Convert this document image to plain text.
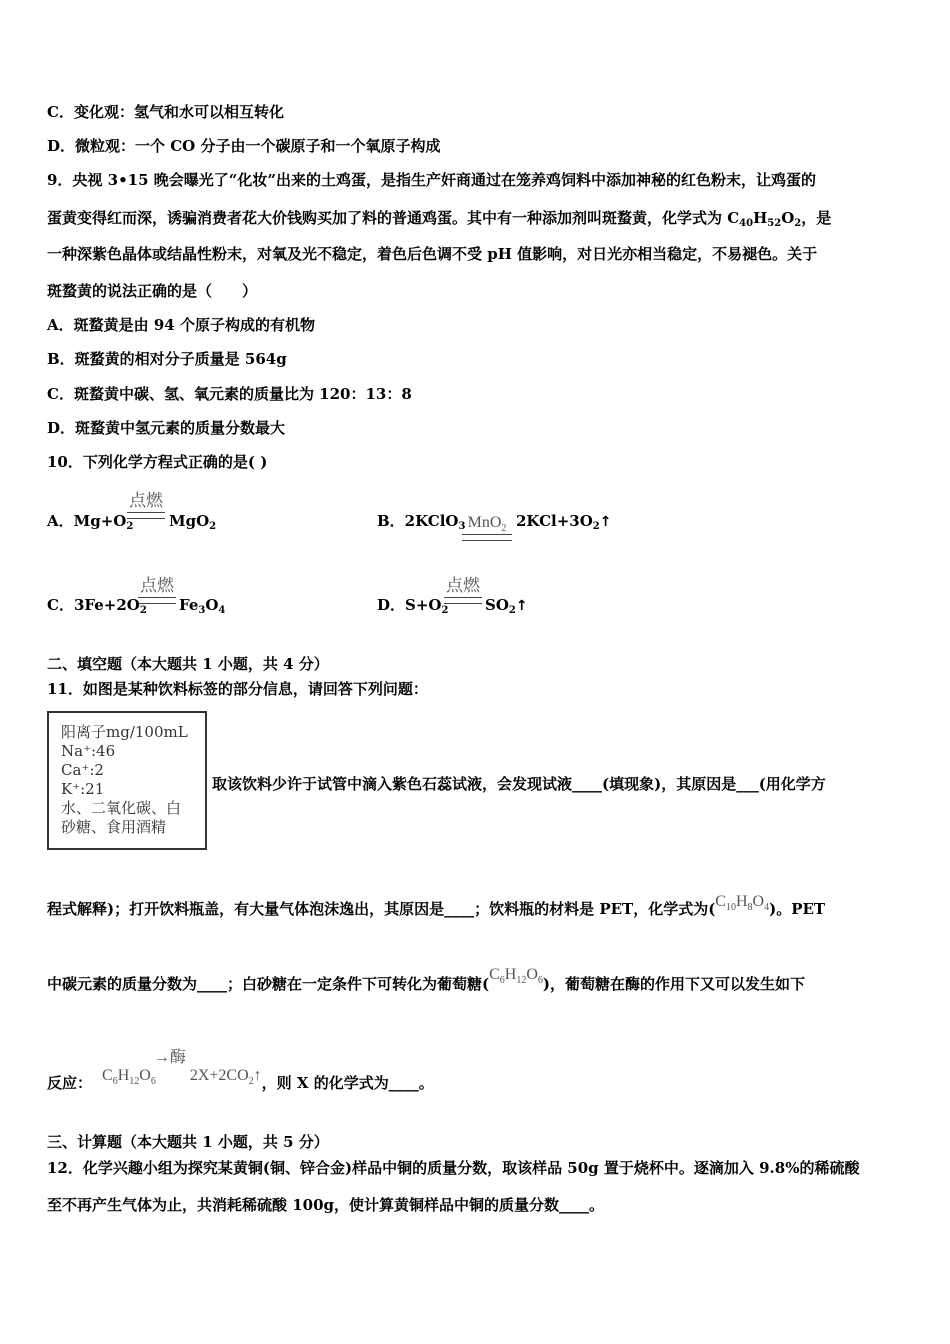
C．变化观：氢气和水可以相互转化
D．微粒观：一个 CO 分子由一个碳原子和一个氧原子构成
9．央视 3•15 晚会曝光了“化妆”出来的土鸡蛋，是指生产奸商通过在笼养鸡饲料中添加神秘的红色粉末，让鸡蛋的
蛋黄变得红而深，诱骗消费者花大价钱购买加了料的普通鸡蛋。其中有一种添加剂叫斑蝥黄，化学式为 $C_{40}H_{52}O_2$，是
一种深紫色晶体或结晶性粉末，对氧及光不稳定，着色后色调不受 pH 值影响，对日光亦相当稳定，不易褪色。关于
斑蝥黄的说法正确的是（　　）
A．斑蝥黄是由 94 个原子构成的有机物
B．斑蝥黄的相对分子质量是 564g
C．斑蝥黄中碳、氢、氧元素的质量比为 120：13：8
D．斑蝥黄中氢元素的质量分数最大
10．下列化学方程式正确的是( )
A．$Mg+O_2$
点燃
MgO$_2$	B．2KClO$_3$ MnO$_2$ $2KCl+3O_2↑$
C．$3Fe+2O_2$
点燃
$Fe_3O_4$	D．$S+O_2$
点燃
$SO_2↑$
二、填空题（本大题共 1 小题，共 4 分）
11．如图是某种饮料标签的部分信息，请回答下列问题：
阳离子mg/100mL
Na⁺:46
Ca⁺:2
K⁺:21
水、二氧化碳、白
砂糖、食用酒精
取该饮料少许于试管中滴入紫色石蕊试液，会发现试液____(填现象)，其原因是___(用化学方
程式解释)；打开饮料瓶盖，有大量气体泡沫逸出，其原因是____；饮料瓶的材料是 PET，化学式为$(C_{10}H_8O_4)$。PET
中碳元素的质量分数为____；白砂糖在一定条件下可转化为葡萄糖$(C_6H_{12}O_6)$，葡萄糖在酶的作用下又可以发生如下
反应： $C_6H_{12}O_6\to$酶$2X+2CO_2↑$，则 X 的化学式为____。
三、计算题（本大题共 1 小题，共 5 分）
12．化学兴趣小组为探究某黄铜(铜、锌合金)样品中铜的质量分数，取该样品 50g 置于烧杯中。逐滴加入 9.8%的稀硫酸
至不再产生气体为止，共消耗稀硫酸 100g，使计算黄铜样品中铜的质量分数____。
